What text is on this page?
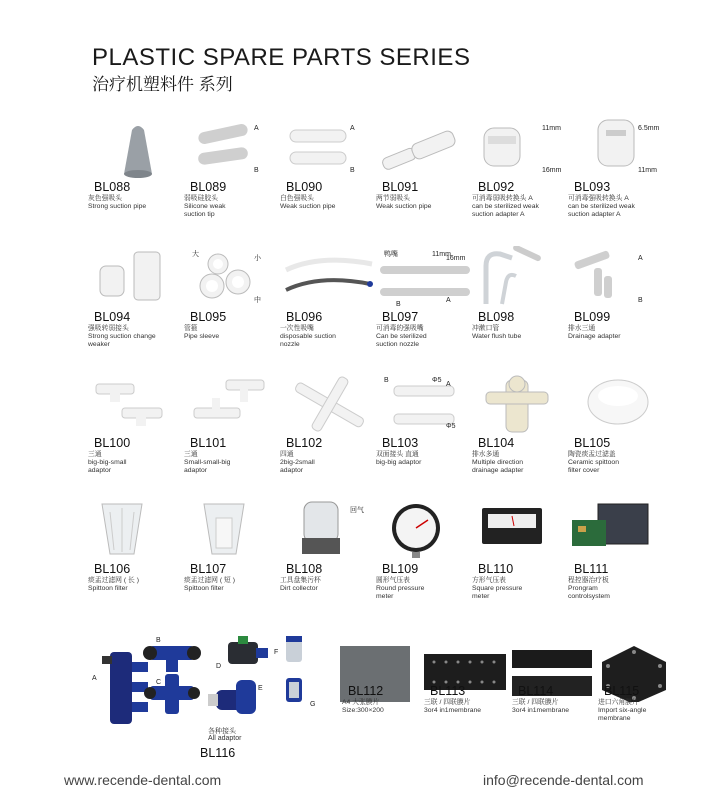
PLASTIC SPARE PARTS SERIES
治疗机塑料件 系列
BL088
灰色强吸头
Strong suction pipe
A
B
BL089
弱吸硅胶头
Silicone weak
suction tip
A
B
BL090
白色强吸头
Weak suction pipe
BL091
两节弱吸头
Weak suction pipe
11mm
16mm
BL092
可消毒弱吸转换头 A
can be sterilized weak
suction adapter A
6.5mm
11mm
BL093
可消毒强吸转换头 A
can be sterilized weak
suction adapter A
BL094
强吸转弱接头
Strong suction change
weaker
小
中
大
BL095
管箍
Pipe sleeve
BL096
一次性吸嘴
disposable suction
nozzle
16mm
A
鸭嘴	11mm
B
BL097
可消毒的强吸嘴
Can be sterilized
suction nozzle
BL098
冲漱口管
Water flush tube
A
B
BL099
排水三通
Drainage adapter
BL100
三通
big-big-small
adaptor
BL101
三通
Small-small-big
adaptor
BL102
四通
2big-2small
adaptor
A
Φ5
B	Φ5
BL103
双面接头 直通
big-big adaptor
BL104
排水多通
Multiple direction
drainage adapter
BL105
陶瓷痰盂过滤盖
Ceramic spittoon
filter cover
BL106
痰盂过滤网 ( 长 )
Spittoon filter
BL107
痰盂过滤网 ( 短 )
Spittoon filter
回气
BL108
工具盘集污杯
Dirt collector
BL109
圆形气压表
Round pressure
meter
BL110
方形气压表
Square pressure
meter
BL111
程控器治疗板
Prongram
controlsystem
BL112
A4 大张膜片
Size:300×200
BL113
三联 / 四联膜片
3or4 in1membrane
BL114
三联 / 四联膜片
3or4 in1membrane
BL115
进口六角膜片
Import six-angle
membrane
A
B
C
D
E
F
G
各种接头
All adaptor
BL116
www.recende-dental.com	info@recende-dental.com
